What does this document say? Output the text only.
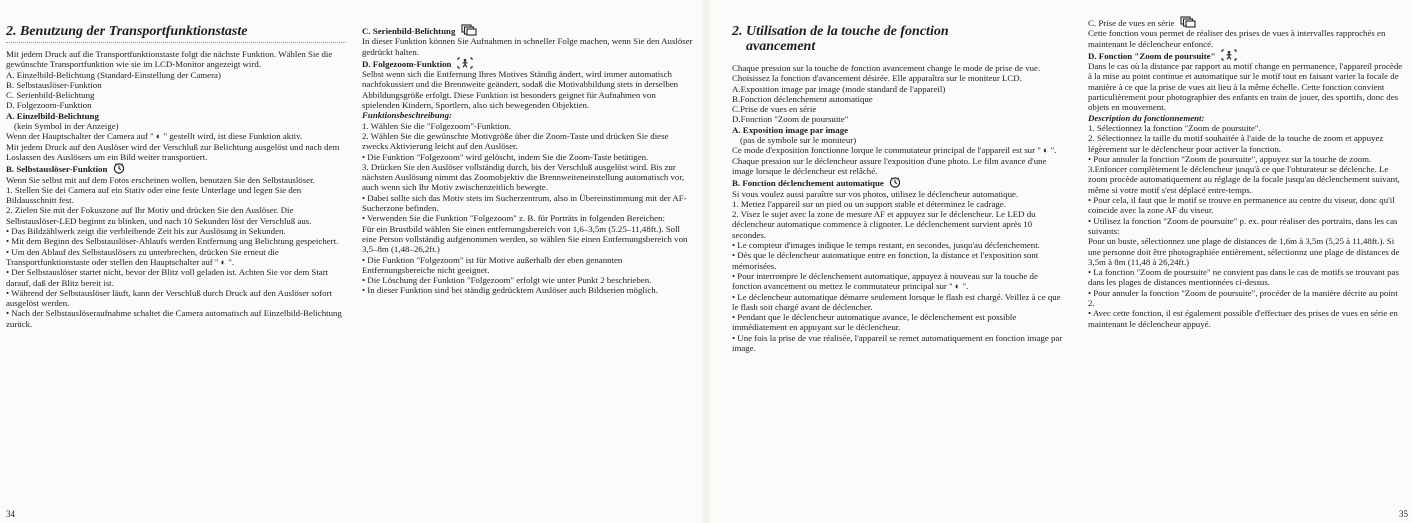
2. Benutzung der Transportfunktionstaste

Mit jedem Druck auf die Transportfunktionstaste folgt die nächste Funktion. Wählen Sie die gewünschte Transportfunktion wie sie im LCD-Monitor angezeigt wird.

A. Einzelbild-Belichtung (Standard-Einstellung der Camera)

B. Selbstauslöser-Funktion

C. Serienbild-Belichtung

D. Folgezoom-Funktion

A. Einzelbild-Belichtung

(kein Symbol in der Anzeige)

Wenn der Hauptschalter der Camera auf " ◐ " gestellt wird, ist diese Funktion aktiv.

Mit jedem Druck auf den Auslöser wird der Verschluß zur Belichtung ausgelöst und nach dem Loslassen des Auslösers um ein Bild weiter transportiert.

B. Selbstauslöser-Funktion

Wenn Sie selbst mit auf dem Fotos erscheinen wollen, benutzen Sie den Selbstauslöser.

1. Stellen Sie dei Camera auf ein Stativ oder eine feste Unterlage und legen Sie den Bildausschnitt fest.

2. Zielen Sie mit der Fokuszone auf Ihr Motiv und drücken Sie den Auslöser. Die Selbstauslöser-LED beginnt zu blinken, und nach 10 Sekunden löst der Verschluß aus.

• Das Bildzählwerk zeigt die verbleibende Zeit bis zur Auslösung in Sekunden.

• Mit dem Beginn des Selbstauslöser-Ablaufs werden Entfernung ung Belichtung gespeichert.

• Um den Ablauf des Selbstauslösers zu unterbrechen, drücken Sie erneut die Transportfunktionstaste oder stellen den Hauptschalter auf " ◐ ".

• Der Selbstauslöser startet nicht, bevor der Blitz voll geladen ist. Achten Sie vor dem Start darauf, daß der Blitz bereit ist.

• Während der Selbstauslöser läuft, kann der Verschluß durch Druck auf den Auslöser sofort ausgelöst werden.

• Nach der Selbstauslöseraufnahme schaltet die Camera automatisch auf Einzelbild-Belichtung zurück.

C. Serienbild-Belichtung

In dieser Funktion können Sie Aufnahmen in schneller Folge machen, wenn Sie den Auslöser gedrückt halten.

D. Folgezoom-Funktion

Selbst wenn sich die Entfernung Ihres Motives Ständig ändert, wird immer automatisch nachfokussiert und die Brennweite geändert, sodaß die Motivabbildung stets in derselben Abbildungsgröße erfolgt. Diese Funktion ist besonders geignet für Aufnahmen von spielenden Kindern, Sportlern, also sich bewegenden Objektien.

Funktionsbeschreibung:

1. Wählen Sie die "Folgezoom"-Funktion.

2. Wählen Sie die gewünschte Motivgröße über die Zoom-Taste und drücken Sie diese zwecks Aktivierung leicht auf den Auslöser.

• Die Funktion "Folgezoom" wird gelöscht, indem Sie die Zoom-Taste betätigen.

3. Drücken Sie den Auslöser vollständig durch, bis der Verschluß ausgelöst wird. Bis zur nächsten Auslösung nimmt das Zoomobjektiv die Brennweiteneinstellung automatisch vor, auch wenn sich Ihr Motiv zwischenzeitlich bewegte.

• Dabei sollte sich das Motiv stets im Sucherzentrum, also in Übereinstimmung mit der AF-Sucherzone befinden.

• Verwenden Sie die Funktion "Folgezoom" z. B. für Porträts in folgenden Bereichen:

Für ein Brustbild wählen Sie einen entfernungsbereich von 1,6–3,5m (5.25–11,48ft.). Soll eine Person vollständig aufgenommen werden, so wählen Sie einen Entfernungsbereich von 3,5–8m (1,48–26,2ft.)

• Die Funktion "Folgezoom" ist für Motive außerhalb der eben genannten Entfernungsbereiche nicht geeignet.

• Die Löschung der Funktion "Folgezoom" erfolgt wie unter Punkt 2 beschrieben.

• In dieser Funktion sind bei ständig gedrücktem Auslöser auch Bildserien möglich.

34
2. Utilisation de la touche de fonction
avancement

Chaque pression sur la touche de fonction avancement change le mode de prise de vue. Choisissez la fonction d'avancement désirée. Elle apparaîtra sur le moniteur LCD.

A.Exposition image par image (mode standard de l'appareil)

B.Fonction déclenchement automatique

C.Prise de vues en série

D.Fonction "Zoom de poursuite"

A. Exposition image par image

(pas de symbole sur le moniteur)

Ce mode d'exposition fonctionne lorque le commutateur principal de l'appareil est sur " ◐ ".

Chaque pression sur le déclencheur assure l'exposition d'une photo. Le film avance d'une image lorsque le déclencheur est relâché.

B. Fonction déclenchement automatique

Si vous voulez aussi paraître sur vos photos, utilisez le déclencheur automatique.

1. Mettez l'appareil sur un pied ou un support stable et déterminez le cadrage.

2. Visez le sujet avec la zone de mesure AF et appuyez sur le déclencheur. Le LED du déclencheur automatique commence à clignoter. Le déclenchement survient après 10 secondes.

• Le compteur d'images indique le temps restant, en secondes, jusqu'au déclenchement.

• Dès que le déclencheur automatique entre en fonction, la distance et l'exposition sont mémorisées.

• Pour interrompre le déclenchement automatique, appuyez à nouveau sur la touche de fonction avancement ou mettez le commutateur principal sur " ◐ ".

• Le déclencheur automatique démarre seulement lorsque le flash est chargé. Veillez à ce que le flash soit chargé avant de déclencher.

• Pendant que le déclencheur automatique avance, le déclenchement est possible immédiatement en appuyant sur le déclencheur.

• Une fois la prise de vue réalisée, l'appareil se remet automatiquement en fonction image par image.

C. Prise de vues en série

Cette fonction vous permet de réaliser des prises de vues à intervalles rapprochés en maintenant le déclencheur enfoncé.

D. Fonction "Zoom de poursuite"

Dans le cas où la distance par rapport au motif change en permanence, l'appareil procède à la mise au point continue et automatique sur le motif tout en faisant varier la focale de manière à ce que la prise de vues ait lieu à la même échelle. Cette fonction convient particulièrement pour photographier des enfants en train de jouer, des sportifs, donc des objets en mouvement.

Description du fonctionnement:

1. Sélectionnez la fonction "Zoom de poursuite".

2. Sélectionnez la taille du motif souhaitée à l'aide de la touche de zoom et appuyez légèrement sur le déclencheur pour activer la fonction.

• Pour annuler la fonction "Zoom de poursuite", appuyez sur la touche de zoom.

3.Enfoncer complètement le déclencheur jusqu'à ce que l'obturateur se déclenche. Le zoom procède automatiquement au réglage de la focale jusqu'au déclenchement suivant, même si votre motif s'est déplacé entre-temps.

• Pour cela, il faut que le motif se trouve en permanence au centre du viseur, donc qu'il coincide avec la zone AF du viseur.

• Utilisez la fonction "Zoom de poursuite" p. ex. pour réaliser des portraits, dans les cas suivants:

Pour un buste, sélectionnez une plage de distances de 1,6m à 3,5m (5,25 à 11,48ft.). Si une personne doit être photographiée entièrement, sélectionnz une plage de distances de 3,5m à 8m (11,48 à 26,24ft.)

• La fonction "Zoom de poursuite" ne convient pas dans le cas de motifs se trouvant pas dans les plages de distances mentionnées ci-dessus.

• Pour annuler la fonction "Zoom de poursuite", procéder de la manière décrite au point 2.

• Avec cette fonction, il est également possible d'effectuer des prises de vues en série en maintenant le déclencheur appuyé.

35
